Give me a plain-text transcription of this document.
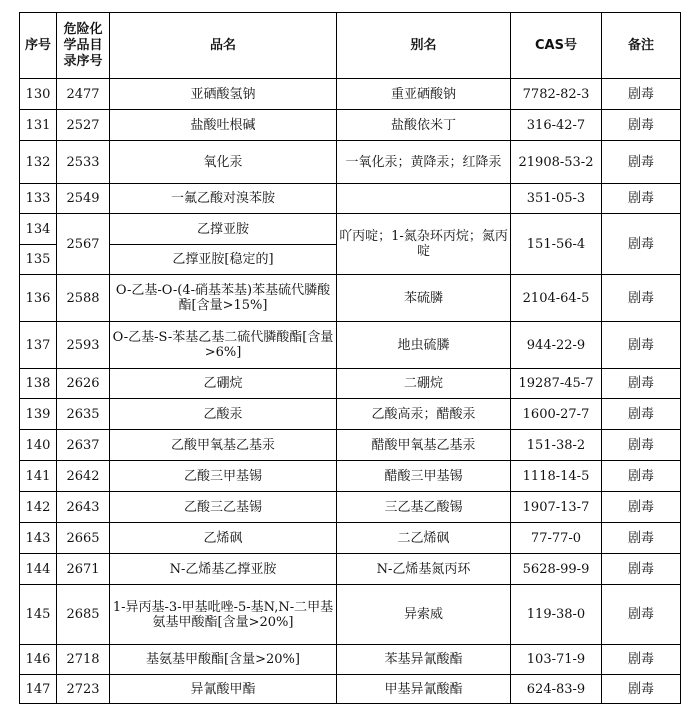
序号	危险化学品目录序号	品名	别名	CAS号	备注
130	2477	亚硒酸氢钠	重亚硒酸钠	7782-82-3	剧毒
131	2527	盐酸吐根碱	盐酸依米丁	316-42-7	剧毒
132	2533	氧化汞	一氧化汞；黄降汞；红降汞	21908-53-2	剧毒
133	2549	一氟乙酸对溴苯胺		351-05-3	剧毒
134	2567	乙撑亚胺	吖丙啶；1-氮杂环丙烷；氮丙啶	151-56-4	剧毒
135		乙撑亚胺[稳定的]			
136	2588	O-乙基-O-(4-硝基苯基)苯基硫代膦酸酯[含量>15%]	苯硫膦	2104-64-5	剧毒
137	2593	O-乙基-S-苯基乙基二硫代膦酸酯[含量>6%]	地虫硫膦	944-22-9	剧毒
138	2626	乙硼烷	二硼烷	19287-45-7	剧毒
139	2635	乙酸汞	乙酸高汞；醋酸汞	1600-27-7	剧毒
140	2637	乙酸甲氧基乙基汞	醋酸甲氧基乙基汞	151-38-2	剧毒
141	2642	乙酸三甲基锡	醋酸三甲基锡	1118-14-5	剧毒
142	2643	乙酸三乙基锡	三乙基乙酸锡	1907-13-7	剧毒
143	2665	乙烯砜	二乙烯砜	77-77-0	剧毒
144	2671	N-乙烯基乙撑亚胺	N-乙烯基氮丙环	5628-99-9	剧毒
145	2685	1-异丙基-3-甲基吡唑-5-基N,N-二甲基氨基甲酸酯[含量>20%]	异索威	119-38-0	剧毒
146	2718	基氨基甲酸酯[含量>20%]	苯基异氰酸酯	103-71-9	剧毒
147	2723	异氰酸甲酯	甲基异氰酸酯	624-83-9	剧毒
